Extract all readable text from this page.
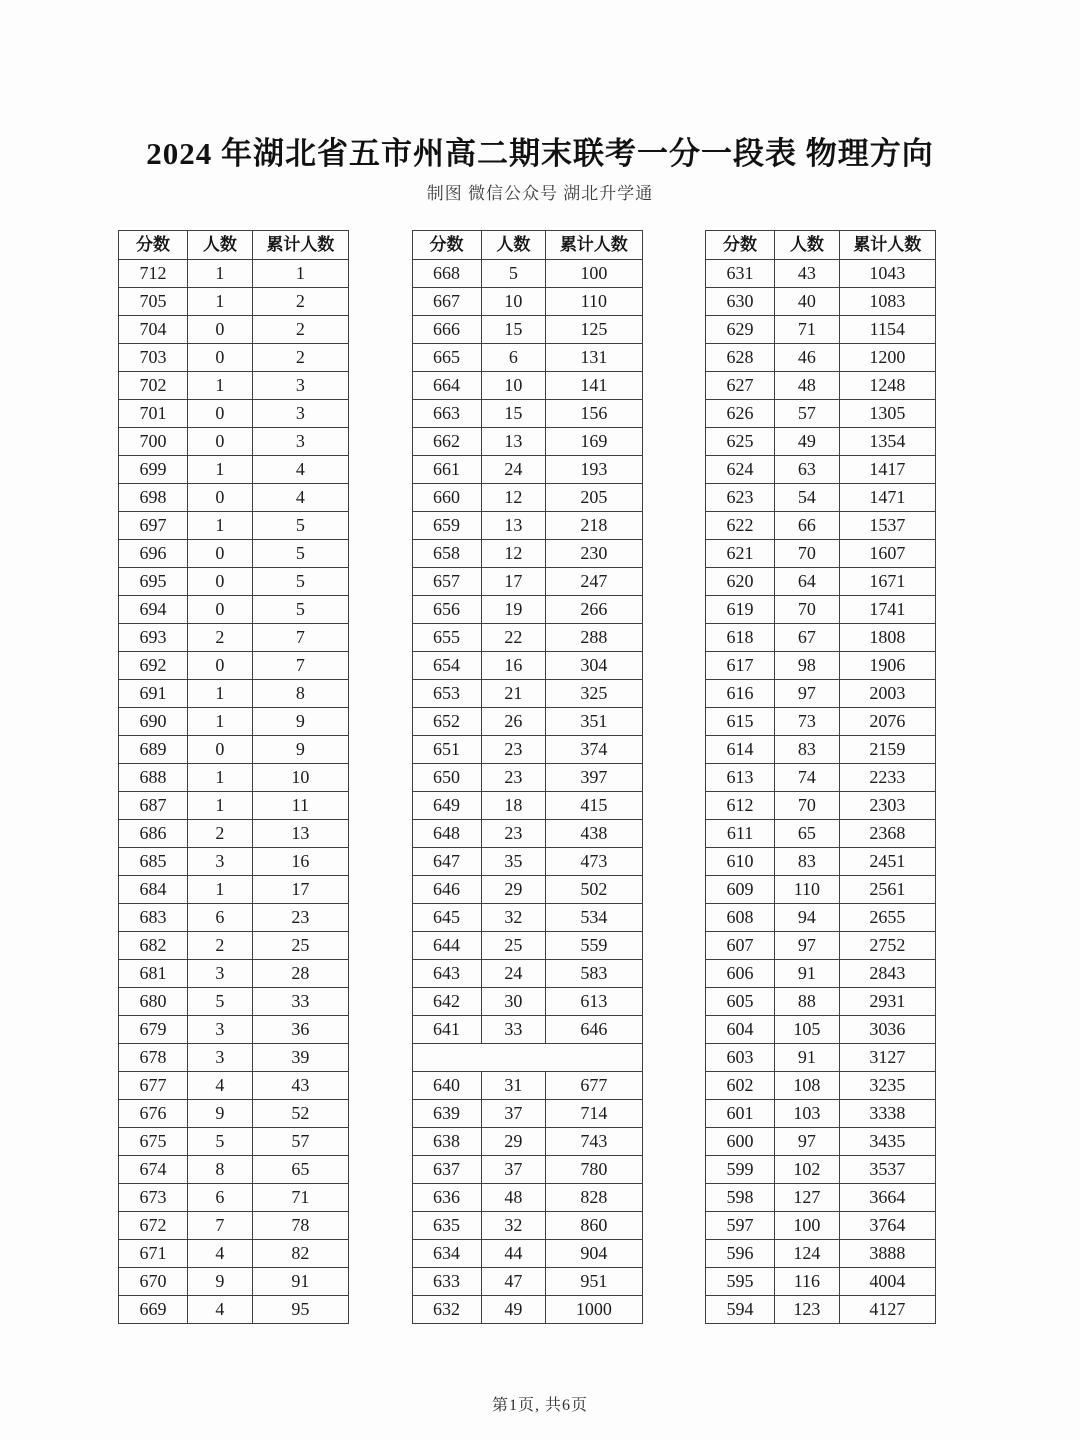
2024 年湖北省五市州高二期末联考一分一段表 物理方向
制图 微信公众号 湖北升学通
分数	人数	累计人数
712	1	1
705	1	2
704	0	2
703	0	2
702	1	3
701	0	3
700	0	3
699	1	4
698	0	4
697	1	5
696	0	5
695	0	5
694	0	5
693	2	7
692	0	7
691	1	8
690	1	9
689	0	9
688	1	10
687	1	11
686	2	13
685	3	16
684	1	17
683	6	23
682	2	25
681	3	28
680	5	33
679	3	36
678	3	39
677	4	43
676	9	52
675	5	57
674	8	65
673	6	71
672	7	78
671	4	82
670	9	91
669	4	95
分数	人数	累计人数
668	5	100
667	10	110
666	15	125
665	6	131
664	10	141
663	15	156
662	13	169
661	24	193
660	12	205
659	13	218
658	12	230
657	17	247
656	19	266
655	22	288
654	16	304
653	21	325
652	26	351
651	23	374
650	23	397
649	18	415
648	23	438
647	35	473
646	29	502
645	32	534
644	25	559
643	24	583
642	30	613
641	33	646

640	31	677
639	37	714
638	29	743
637	37	780
636	48	828
635	32	860
634	44	904
633	47	951
632	49	1000
分数	人数	累计人数
631	43	1043
630	40	1083
629	71	1154
628	46	1200
627	48	1248
626	57	1305
625	49	1354
624	63	1417
623	54	1471
622	66	1537
621	70	1607
620	64	1671
619	70	1741
618	67	1808
617	98	1906
616	97	2003
615	73	2076
614	83	2159
613	74	2233
612	70	2303
611	65	2368
610	83	2451
609	110	2561
608	94	2655
607	97	2752
606	91	2843
605	88	2931
604	105	3036
603	91	3127
602	108	3235
601	103	3338
600	97	3435
599	102	3537
598	127	3664
597	100	3764
596	124	3888
595	116	4004
594	123	4127
第1页, 共6页
